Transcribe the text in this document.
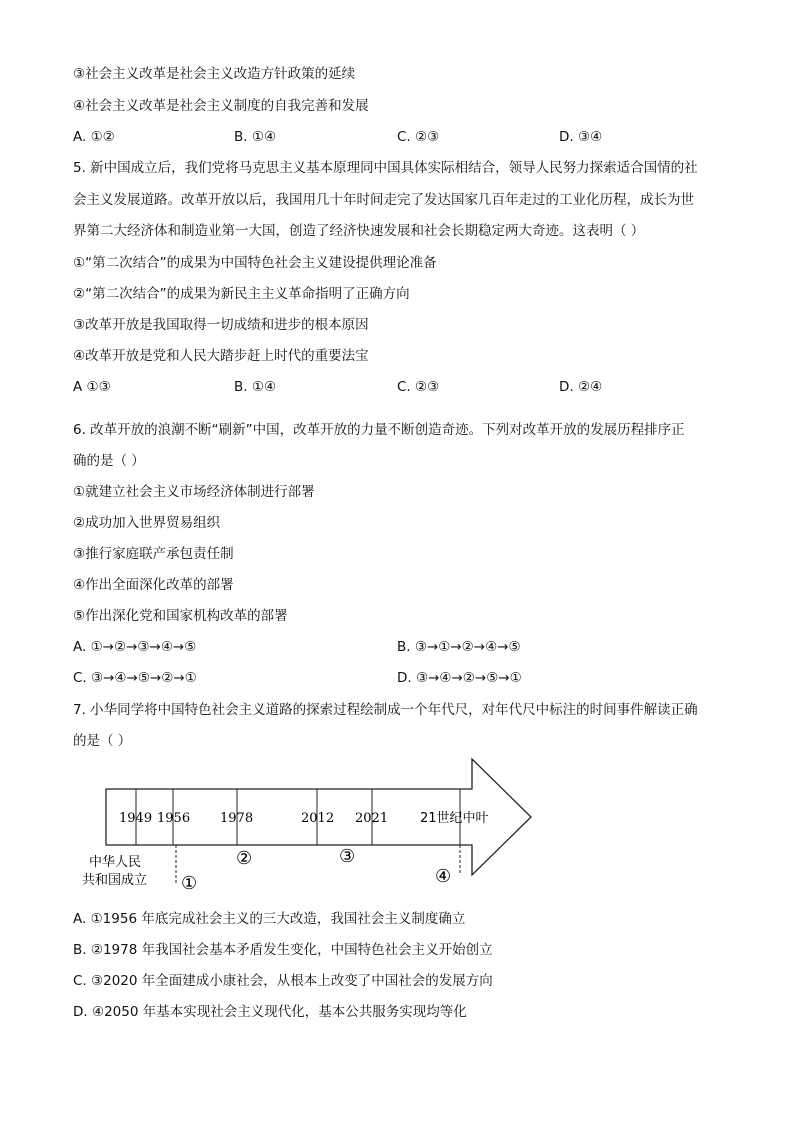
③社会主义改革是社会主义改造方针政策的延续
④社会主义改革是社会主义制度的自我完善和发展
A. ①②	B. ①④	C. ②③	D. ③④
5. 新中国成立后，我们党将马克思主义基本原理同中国具体实际相结合，领导人民努力探索适合国情的社
会主义发展道路。改革开放以后，我国用几十年时间走完了发达国家几百年走过的工业化历程，成长为世
界第二大经济体和制造业第一大国，创造了经济快速发展和社会长期稳定两大奇迹。这表明（ ）
①“第二次结合”的成果为中国特色社会主义建设提供理论准备
②“第二次结合”的成果为新民主主义革命指明了正确方向
③改革开放是我国取得一切成绩和进步的根本原因
④改革开放是党和人民大踏步赶上时代的重要法宝
A ①③	B. ①④	C. ②③	D. ②④
6. 改革开放的浪潮不断“刷新”中国，改革开放的力量不断创造奇迹。下列对改革开放的发展历程排序正
确的是（ ）
①就建立社会主义市场经济体制进行部署
②成功加入世界贸易组织
③推行家庭联产承包责任制
④作出全面深化改革的部署
⑤作出深化党和国家机构改革的部署
A. ①→②→③→④→⑤	B. ③→①→②→④→⑤
C. ③→④→⑤→②→①	D. ③→④→②→⑤→①
7. 小华同学将中国特色社会主义道路的探索过程绘制成一个年代尺，对年代尺中标注的时间事件解读正确
的是（ ）
1949 1956 1978	2012 2021 21世纪中叶
中华人民
共和国成立 ①
②	③
④
A. ①1956 年底完成社会主义的三大改造，我国社会主义制度确立
B. ②1978 年我国社会基本矛盾发生变化，中国特色社会主义开始创立
C. ③2020 年全面建成小康社会，从根本上改变了中国社会的发展方向
D. ④2050 年基本实现社会主义现代化，基本公共服务实现均等化
